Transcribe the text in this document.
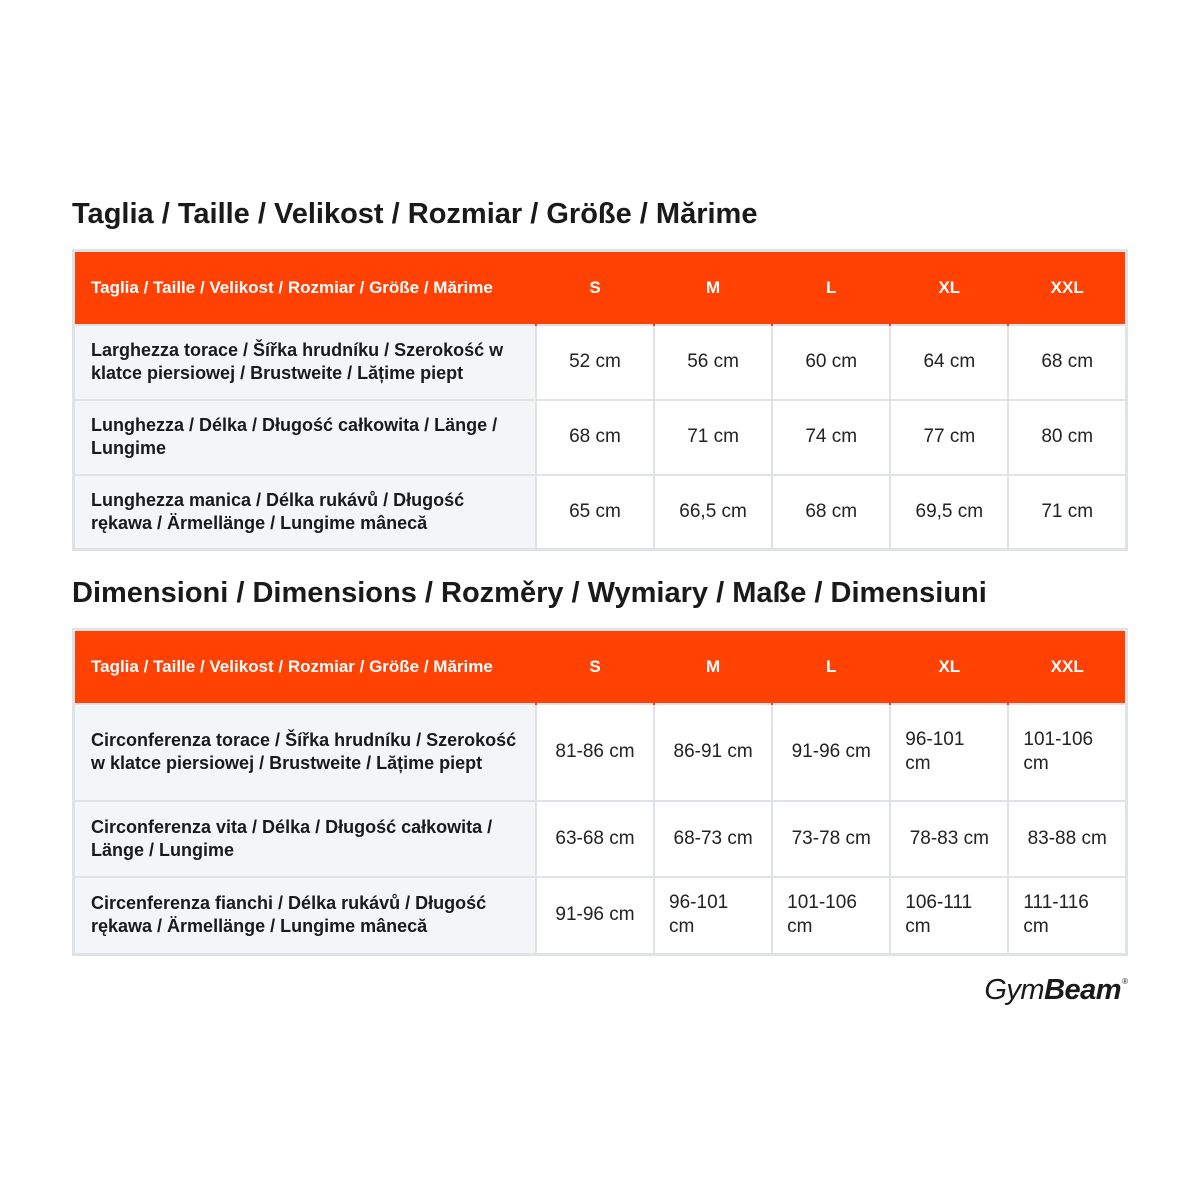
Taglia / Taille / Velikost / Rozmiar / Größe / Mărime
Taglia / Taille / Velikost / Rozmiar / Größe / Mărime	S	M	L	XL	XXL
Larghezza torace / Šířka hrudníku / Szerokość w klatce piersiowej / Brustweite / Lățime piept	52 cm	56 cm	60 cm	64 cm	68 cm
Lunghezza / Délka / Długość całkowita / Länge / Lungime	68 cm	71 cm	74 cm	77 cm	80 cm
Lunghezza manica / Délka rukávů / Długość rękawa / Ärmellänge / Lungime mânecă	65 cm	66,5 cm	68 cm	69,5 cm	71 cm
Dimensioni / Dimensions / Rozměry / Wymiary / Maße / Dimensiuni
Taglia / Taille / Velikost / Rozmiar / Größe / Mărime	S	M	L	XL	XXL
Circonferenza torace / Šířka hrudníku / Szerokość w klatce piersiowej / Brustweite / Lățime piept	81-86 cm	86-91 cm	91-96 cm	96-101 cm	101-106 cm
Circonferenza vita / Délka / Długość całkowita / Länge / Lungime	63-68 cm	68-73 cm	73-78 cm	78-83 cm	83-88 cm
Circenferenza fianchi / Délka rukávů / Długość rękawa / Ärmellänge / Lungime mânecă	91-96 cm	96-101 cm	101-106 cm	106-111 cm	111-116 cm
Gym Beam ®
